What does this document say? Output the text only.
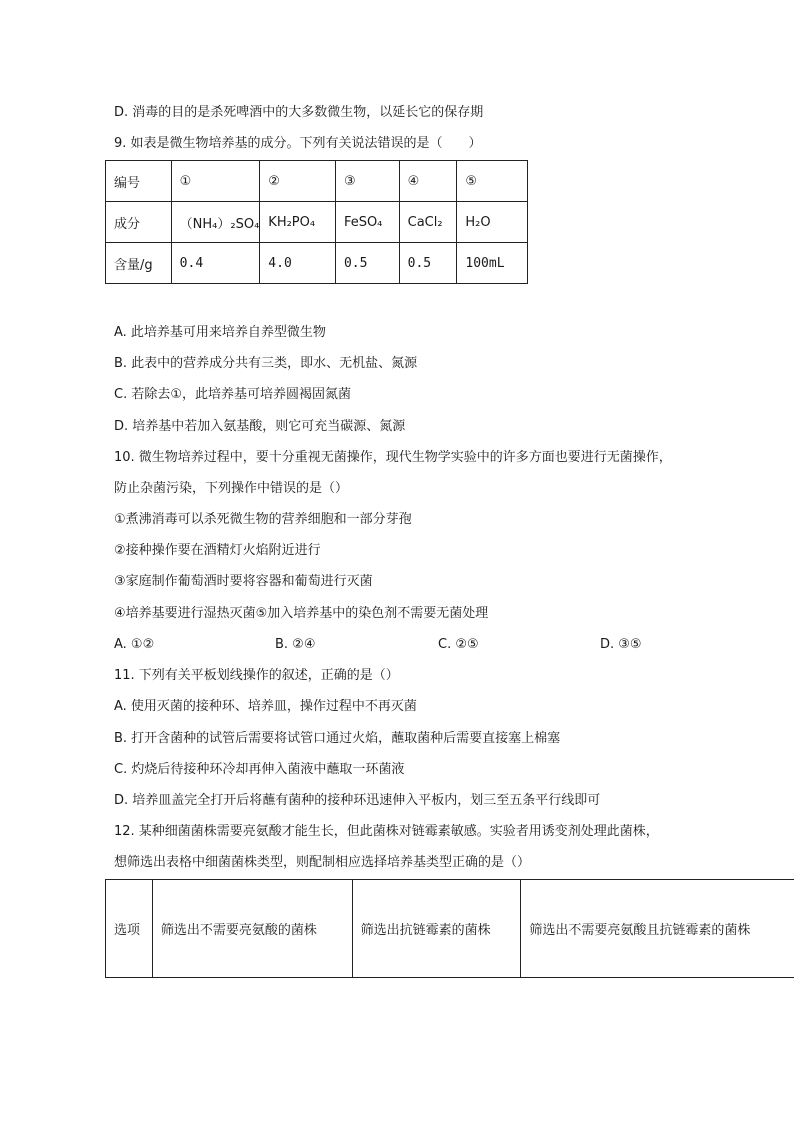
D. 消毒的目的是杀死啤酒中的大多数微生物，以延长它的保存期
9. 如表是微生物培养基的成分。下列有关说法错误的是（　　）
编号	①	②	③	④	⑤
成分	（NH₄）₂SO₄	KH₂PO₄	FeSO₄	CaCl₂	H₂O
含量/g	0.4	4.0	0.5	0.5	100mL
A. 此培养基可用来培养自养型微生物
B. 此表中的营养成分共有三类，即水、无机盐、氮源
C. 若除去①，此培养基可培养圆褐固氮菌
D. 培养基中若加入氨基酸，则它可充当碳源、氮源
10. 微生物培养过程中，要十分重视无菌操作，现代生物学实验中的许多方面也要进行无菌操作，
防止杂菌污染，下列操作中错误的是（）
①煮沸消毒可以杀死微生物的营养细胞和一部分芽孢
②接种操作要在酒精灯火焰附近进行
③家庭制作葡萄酒时要将容器和葡萄进行灭菌
④培养基要进行湿热灭菌⑤加入培养基中的染色剂不需要无菌处理
A. ①②	B. ②④	C. ②⑤	D. ③⑤
11. 下列有关平板划线操作的叙述，正确的是（）
A. 使用灭菌的接种环、培养皿，操作过程中不再灭菌
B. 打开含菌种的试管后需要将试管口通过火焰，蘸取菌种后需要直接塞上棉塞
C. 灼烧后待接种环冷却再伸入菌液中蘸取一环菌液
D. 培养皿盖完全打开后将蘸有菌种的接种环迅速伸入平板内，划三至五条平行线即可
12. 某种细菌菌株需要亮氨酸才能生长，但此菌株对链霉素敏感。实验者用诱变剂处理此菌株，
想筛选出表格中细菌菌株类型，则配制相应选择培养基类型正确的是（）
选项	筛选出不需要亮氨酸的菌株	筛选出抗链霉素的菌株	筛选出不需要亮氨酸且抗链霉素的菌株
